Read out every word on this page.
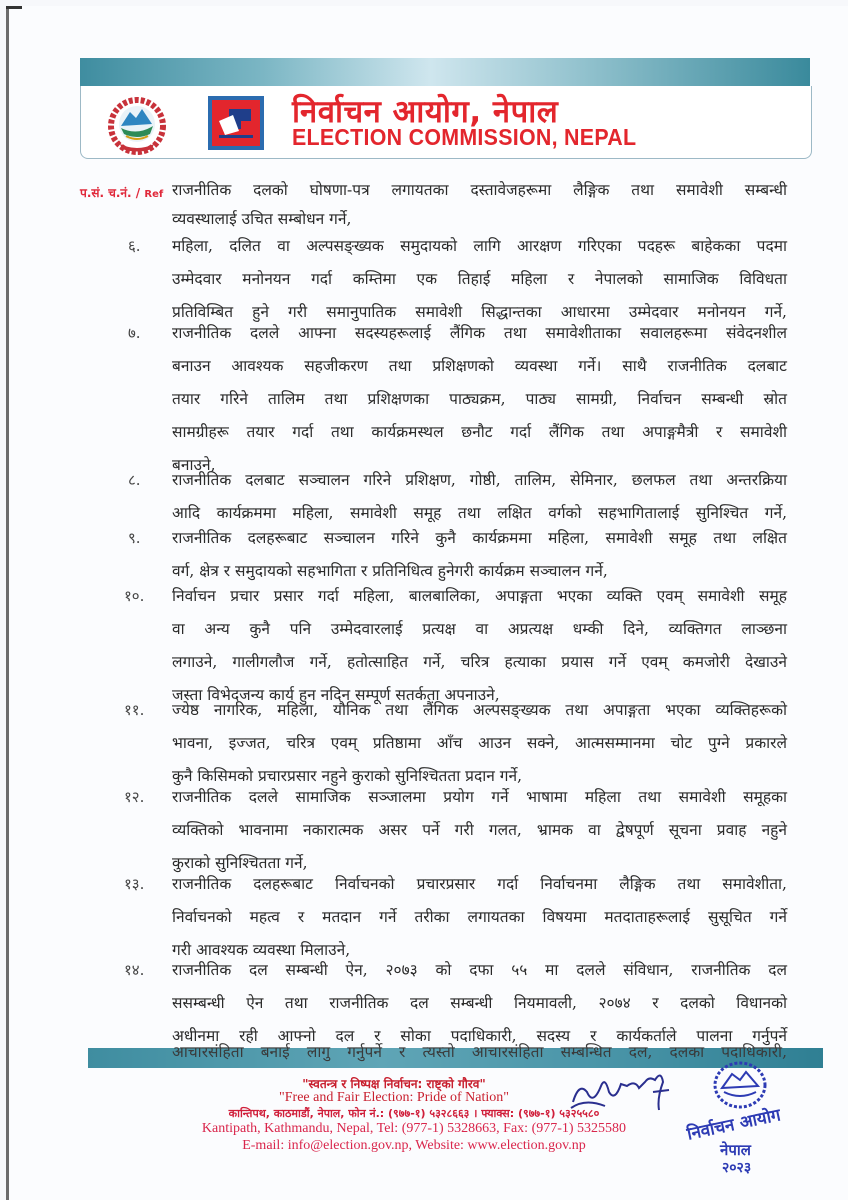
निर्वाचन आयोग, नेपाल
ELECTION COMMISSION, NEPAL
प.सं. च.नं. / Ref राजनीतिक दलको घोषणा-पत्र लगायतका दस्तावेजहरूमा लैङ्गिक तथा समावेशी सम्बन्धी
व्यवस्थालाई उचित सम्बोधन गर्ने,
६. महिला, दलित वा अल्पसङ्ख्यक समुदायको लागि आरक्षण गरिएका पदहरू बाहेकका पदमा
उम्मेदवार मनोनयन गर्दा कम्तिमा एक तिहाई महिला र नेपालको सामाजिक विविधता
प्रतिविम्बित हुने गरी समानुपातिक समावेशी सिद्धान्तका आधारमा उम्मेदवार मनोनयन गर्ने,
७. राजनीतिक दलले आफ्ना सदस्यहरूलाई लैंगिक तथा समावेशीताका सवालहरूमा संवेदनशील
बनाउन आवश्यक सहजीकरण तथा प्रशिक्षणको व्यवस्था गर्ने। साथै राजनीतिक दलबाट
तयार गरिने तालिम तथा प्रशिक्षणका पाठ्यक्रम, पाठ्य सामग्री, निर्वाचन सम्बन्धी स्रोत
सामग्रीहरू तयार गर्दा तथा कार्यक्रमस्थल छनौट गर्दा लैंगिक तथा अपाङ्गमैत्री र समावेशी
बनाउने,
८. राजनीतिक दलबाट सञ्चालन गरिने प्रशिक्षण, गोष्ठी, तालिम, सेमिनार, छलफल तथा अन्तरक्रिया
आदि कार्यक्रममा महिला, समावेशी समूह तथा लक्षित वर्गको सहभागितालाई सुनिश्चित गर्ने,
९. राजनीतिक दलहरूबाट सञ्चालन गरिने कुनै कार्यक्रममा महिला, समावेशी समूह तथा लक्षित
वर्ग, क्षेत्र र समुदायको सहभागिता र प्रतिनिधित्व हुनेगरी कार्यक्रम सञ्चालन गर्ने,
१०. निर्वाचन प्रचार प्रसार गर्दा महिला, बालबालिका, अपाङ्गता भएका व्यक्ति एवम् समावेशी समूह
वा अन्य कुनै पनि उम्मेदवारलाई प्रत्यक्ष वा अप्रत्यक्ष धम्की दिने, व्यक्तिगत लाञ्छना
लगाउने, गालीगलौज गर्ने, हतोत्साहित गर्ने, चरित्र हत्याका प्रयास गर्ने एवम् कमजोरी देखाउने
जस्ता विभेदजन्य कार्य हुन नदिन सम्पूर्ण सतर्कता अपनाउने,
११. ज्येष्ठ नागरिक, महिला, यौनिक तथा लैंगिक अल्पसङ्ख्यक तथा अपाङ्गता भएका व्यक्तिहरूको
भावना, इज्जत, चरित्र एवम् प्रतिष्ठामा आँच आउन सक्ने, आत्मसम्मानमा चोट पुग्ने प्रकारले
कुनै किसिमको प्रचारप्रसार नहुने कुराको सुनिश्चितता प्रदान गर्ने,
१२. राजनीतिक दलले सामाजिक सञ्जालमा प्रयोग गर्ने भाषामा महिला तथा समावेशी समूहका
व्यक्तिको भावनामा नकारात्मक असर पर्ने गरी गलत, भ्रामक वा द्वेषपूर्ण सूचना प्रवाह नहुने
कुराको सुनिश्चितता गर्ने,
१३. राजनीतिक दलहरूबाट निर्वाचनको प्रचारप्रसार गर्दा निर्वाचनमा लैङ्गिक तथा समावेशीता,
निर्वाचनको महत्व र मतदान गर्ने तरीका लगायतका विषयमा मतदाताहरूलाई सुसूचित गर्ने
गरी आवश्यक व्यवस्था मिलाउने,
१४. राजनीतिक दल सम्बन्धी ऐन, २०७३ को दफा ५५ मा दलले संविधान, राजनीतिक दल
ससम्बन्धी ऐन तथा राजनीतिक दल सम्बन्धी नियमावली, २०७४ र दलको विधानको
अधीनमा रही आफ्नो दल र सोका पदाधिकारी, सदस्य र कार्यकर्ताले पालना गर्नुपर्ने
आचारसंहिता बनाई लागु गर्नुपर्ने र त्यस्तो आचारसंहिता सम्बन्धित दल, दलका पदाधिकारी,
"स्वतन्त्र र निष्पक्ष निर्वाचन: राष्ट्को गौरव"
"Free and Fair Election: Pride of Nation"
कान्तिपथ, काठमाडौं, नेपाल, फोन नं.: (९७७-१) ५३२८६६३ । फ्याक्स: (९७७-१) ५३२५५८०
Kantipath, Kathmandu, Nepal, Tel: (977-1) 5328663, Fax: (977-1) 5325580
E-mail: info@election.gov.np, Website: www.election.gov.np
निर्वाचन आयोग
नेपाल
२०२३
